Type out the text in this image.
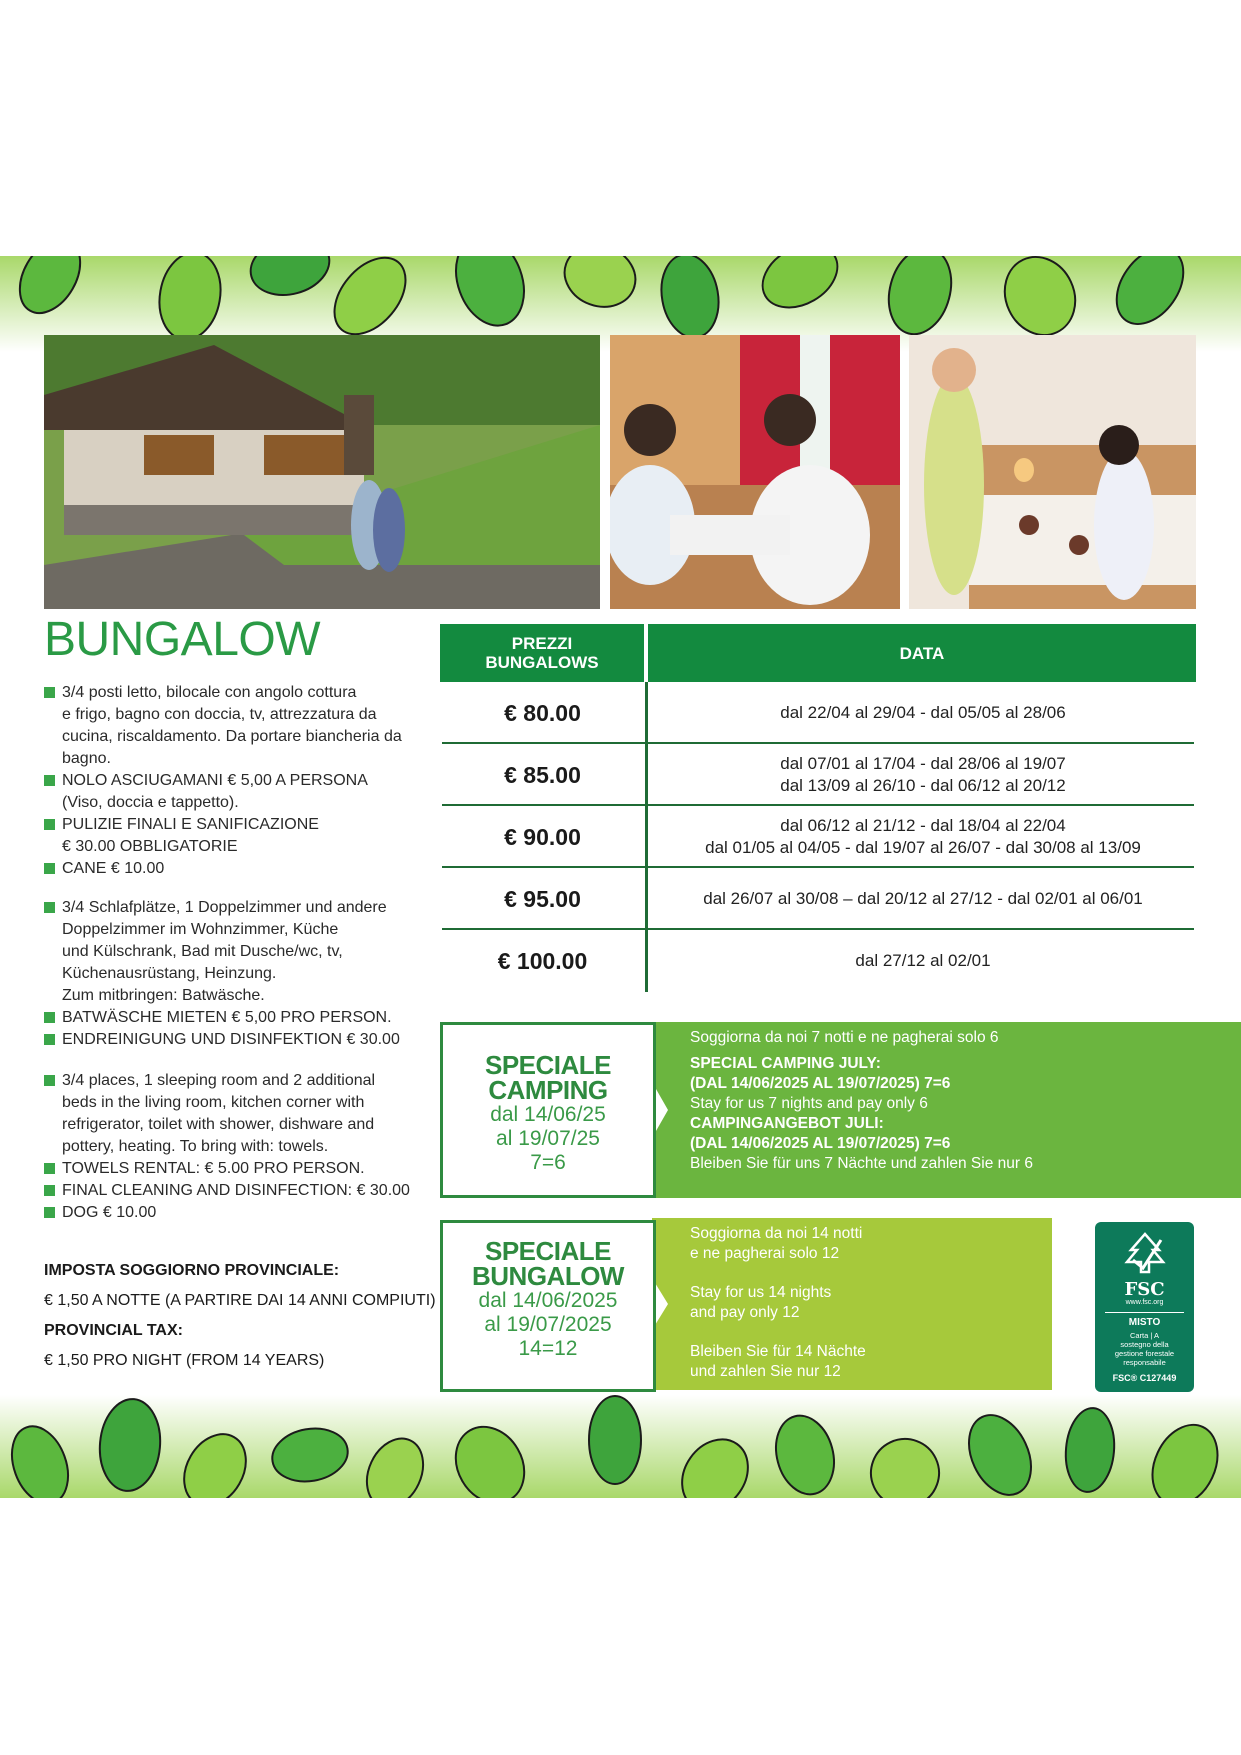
BUNGALOW
3/4 posti letto, bilocale con angolo cottura
e frigo, bagno con doccia, tv, attrezzatura da
cucina, riscaldamento. Da portare biancheria da
bagno.
NOLO ASCIUGAMANI € 5,00 A PERSONA
(Viso, doccia e tappetto).
PULIZIE FINALI E SANIFICAZIONE
€ 30.00 OBBLIGATORIE
CANE € 10.00
3/4 Schlafplätze, 1 Doppelzimmer und andere
Doppelzimmer im Wohnzimmer, Küche
und Külschrank, Bad mit Dusche/wc, tv,
Küchenausrüstang, Heinzung.
Zum mitbringen: Batwäsche.
BATWÄSCHE MIETEN € 5,00 PRO PERSON.
ENDREINIGUNG UND DISINFEKTION € 30.00
3/4 places, 1 sleeping room and 2 additional
beds in the living room, kitchen corner with
refrigerator, toilet with shower, dishware and
pottery, heating. To bring with: towels.
TOWELS RENTAL: € 5.00 PRO PERSON.
FINAL CLEANING AND DISINFECTION: € 30.00
DOG € 10.00
IMPOSTA SOGGIORNO PROVINCIALE:
€ 1,50 A NOTTE (A PARTIRE DAI 14 ANNI COMPIUTI)
PROVINCIAL TAX:
€ 1,50 PRO NIGHT (FROM 14 YEARS)
PREZZI
BUNGALOWS	DATA
€ 80.00	dal 22/04 al 29/04 - dal 05/05 al 28/06
€ 85.00	dal 07/01 al 17/04 - dal 28/06 al 19/07
dal 13/09 al 26/10 - dal 06/12 al 20/12
€ 90.00	dal 06/12 al 21/12 - dal 18/04 al 22/04
dal 01/05 al 04/05 - dal 19/07 al 26/07 - dal 30/08 al 13/09
€ 95.00	dal 26/07 al 30/08 – dal 20/12 al 27/12 - dal 02/01 al 06/01
€ 100.00	dal 27/12 al 02/01
Soggiorna da noi 7 notti e ne pagherai solo 6
SPECIAL CAMPING JULY:
(DAL 14/06/2025 AL 19/07/2025) 7=6
Stay for us 7 nights and pay only 6
CAMPINGANGEBOT JULI:
(DAL 14/06/2025 AL 19/07/2025) 7=6
Bleiben Sie für uns 7 Nächte und zahlen Sie nur 6
SPECIALE
CAMPING
dal 14/06/25
al 19/07/25
7=6
Soggiorna da noi 14 notti
e ne pagherai solo 12
Stay for us 14 nights
and pay only 12
Bleiben Sie für 14 Nächte
und zahlen Sie nur 12
SPECIALE
BUNGALOW
dal 14/06/2025
al 19/07/2025
14=12
FSC
www.fsc.org
MISTO
Carta | A
sostegno della
gestione forestale
responsabile
FSC® C127449
